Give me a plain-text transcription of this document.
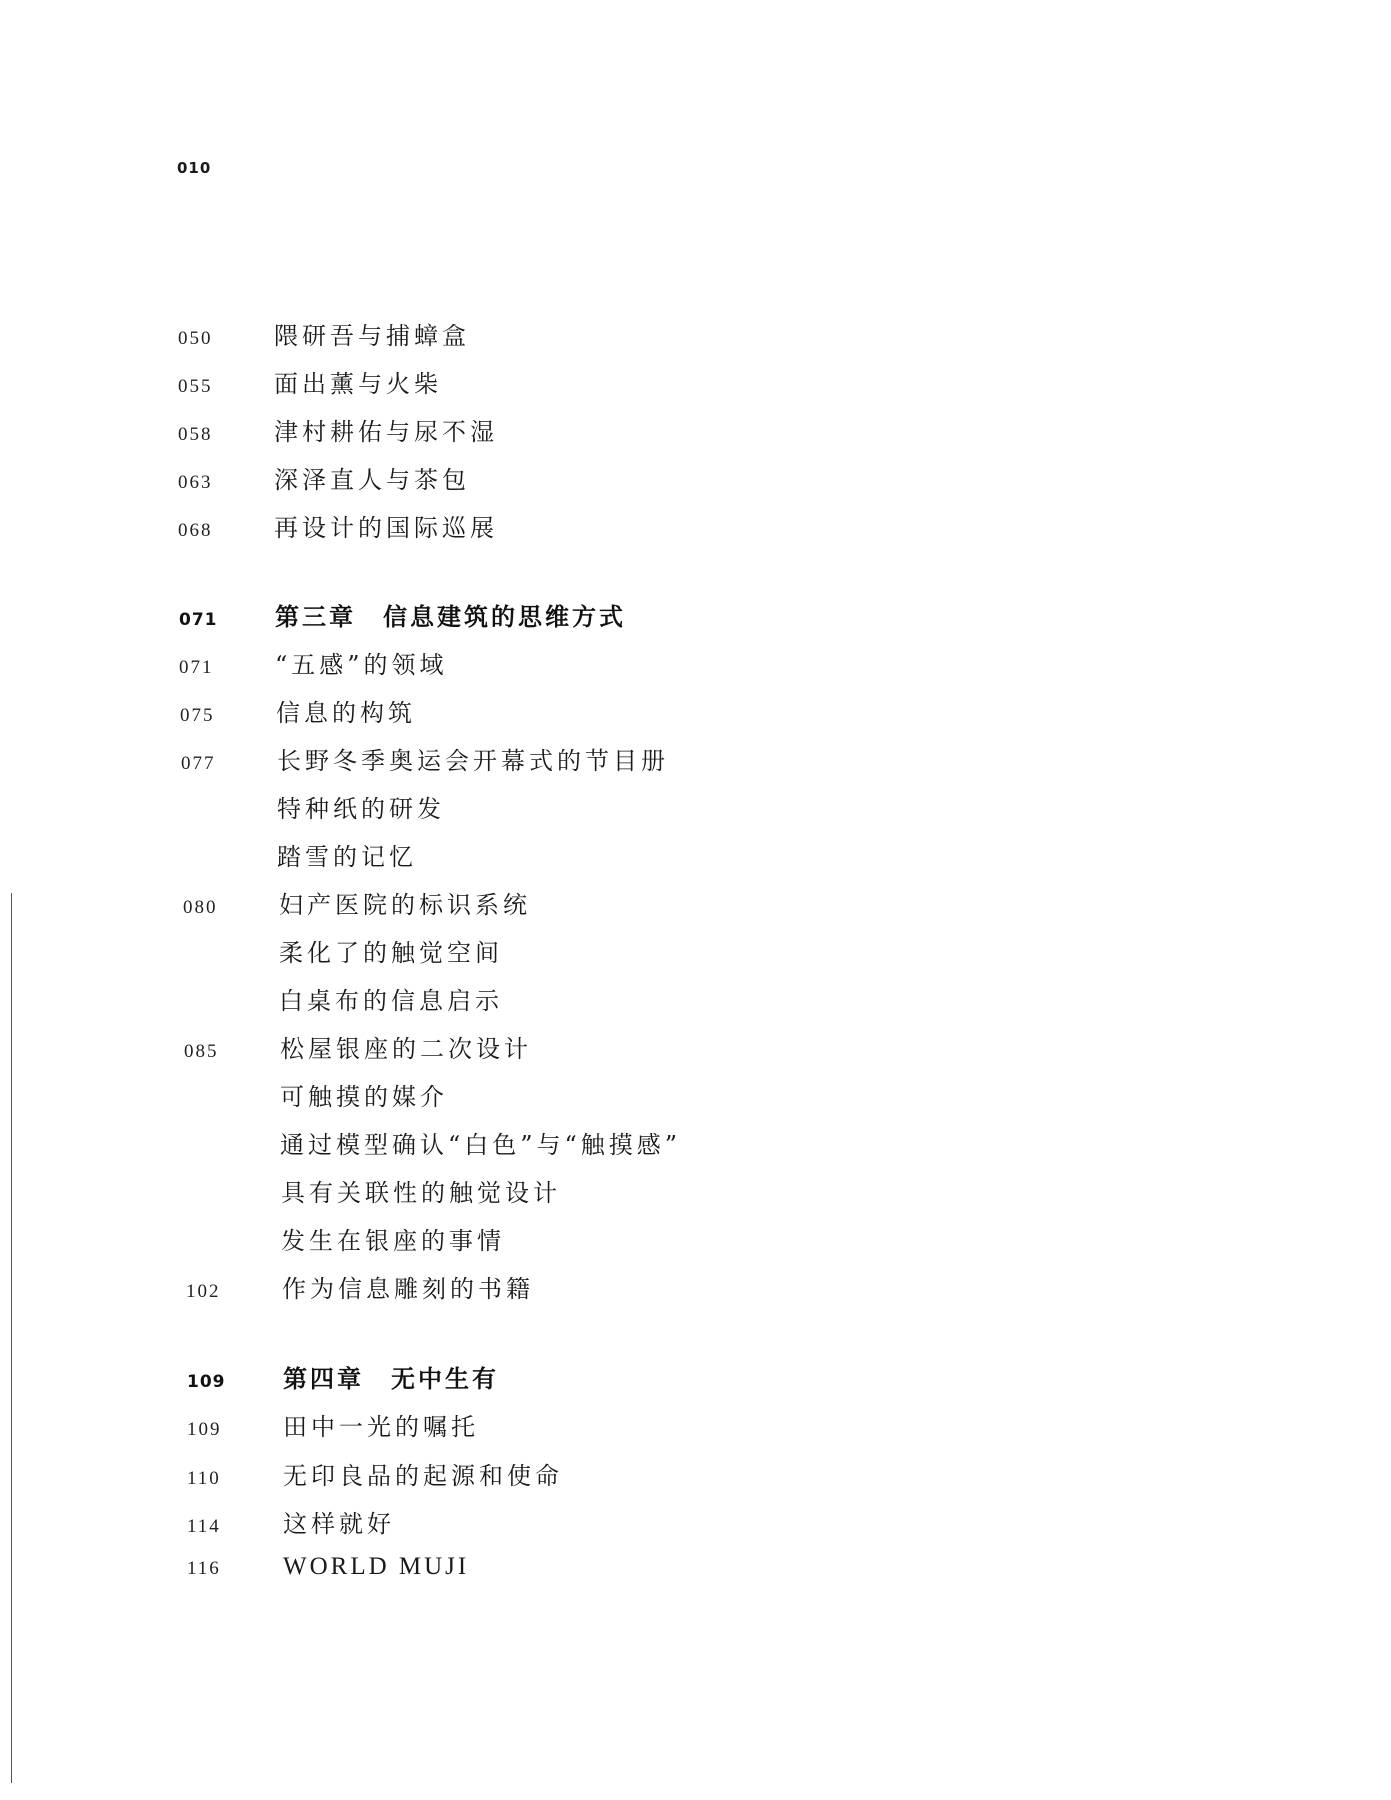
010
050	隈研吾与捕蟑盒
055	面出薰与火柴
058	津村耕佑与尿不湿
063	深泽直人与茶包
068	再设计的国际巡展
071	第三章　信息建筑的思维方式
071	“五感”的领域
075	信息的构筑
077	长野冬季奥运会开幕式的节目册
特种纸的研发
踏雪的记忆
080	妇产医院的标识系统
柔化了的触觉空间
白桌布的信息启示
085	松屋银座的二次设计
可触摸的媒介
通过模型确认“白色”与“触摸感”
具有关联性的触觉设计
发生在银座的事情
102	作为信息雕刻的书籍
109	第四章　无中生有
109	田中一光的嘱托
110	无印良品的起源和使命
114	这样就好
116	WORLD MUJI
